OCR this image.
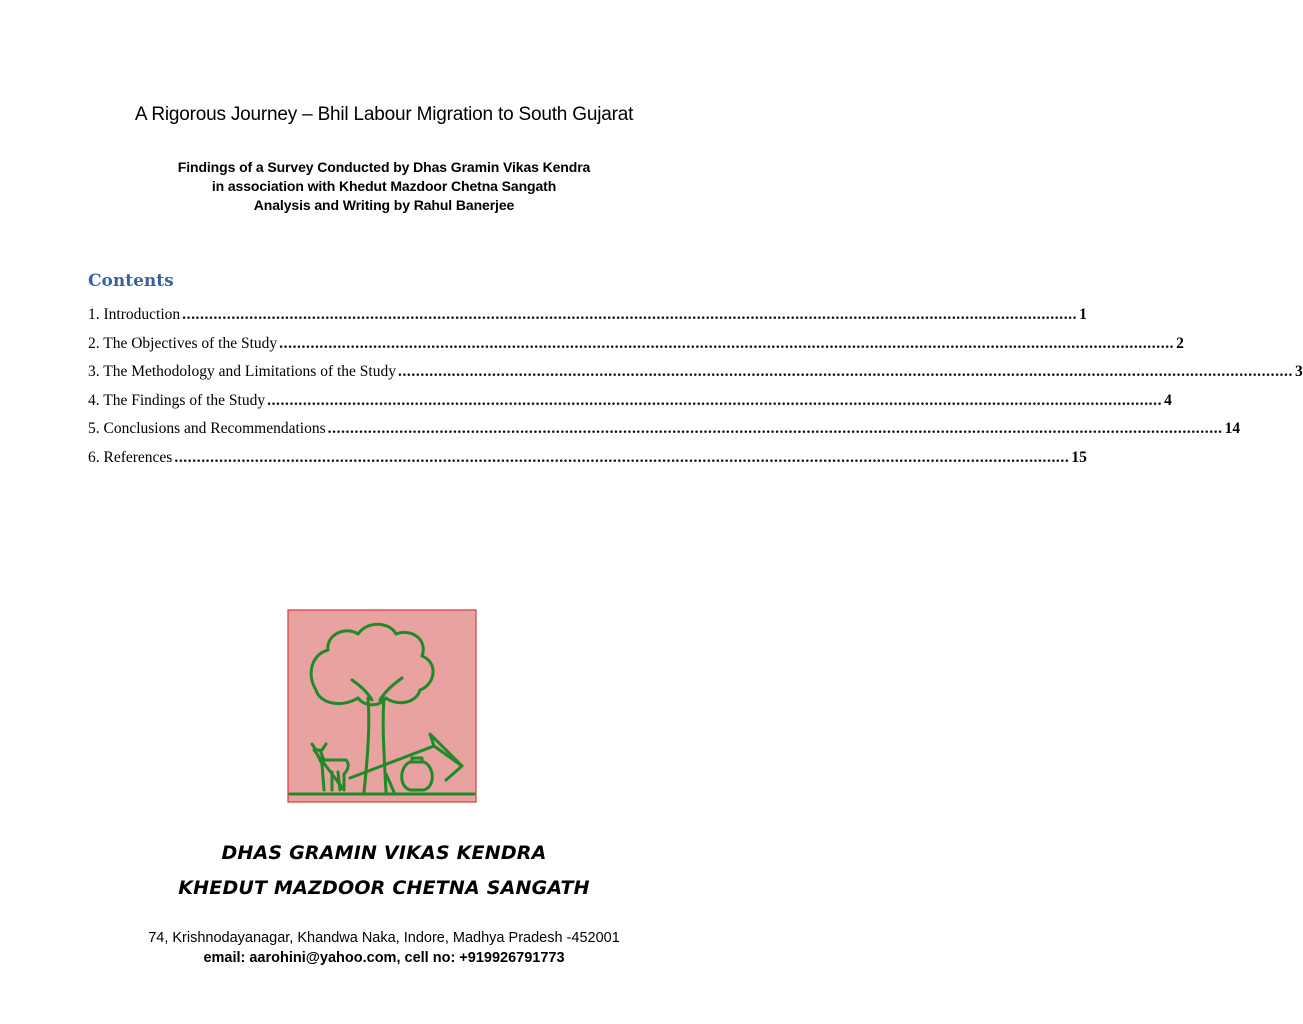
A Rigorous Journey – Bhil Labour Migration to South Gujarat
Findings of a Survey Conducted by Dhas Gramin Vikas Kendra
in association with Khedut Mazdoor Chetna Sangath
Analysis and Writing by Rahul Banerjee
Contents
1. Introduction ........................................................................................................................................................................................................ 1
2. The Objectives of the Study ........................................................................................................................................................................................................ 2
3. The Methodology and Limitations of the Study ........................................................................................................................................................................................................ 3
4. The Findings of the Study ........................................................................................................................................................................................................ 4
5. Conclusions and Recommendations ........................................................................................................................................................................................................ 14
6. References ........................................................................................................................................................................................................ 15
DHAS GRAMIN VIKAS KENDRA
KHEDUT MAZDOOR CHETNA SANGATH
74, Krishnodayanagar, Khandwa Naka, Indore, Madhya Pradesh -452001
email: aarohini@yahoo.com, cell no: +919926791773
